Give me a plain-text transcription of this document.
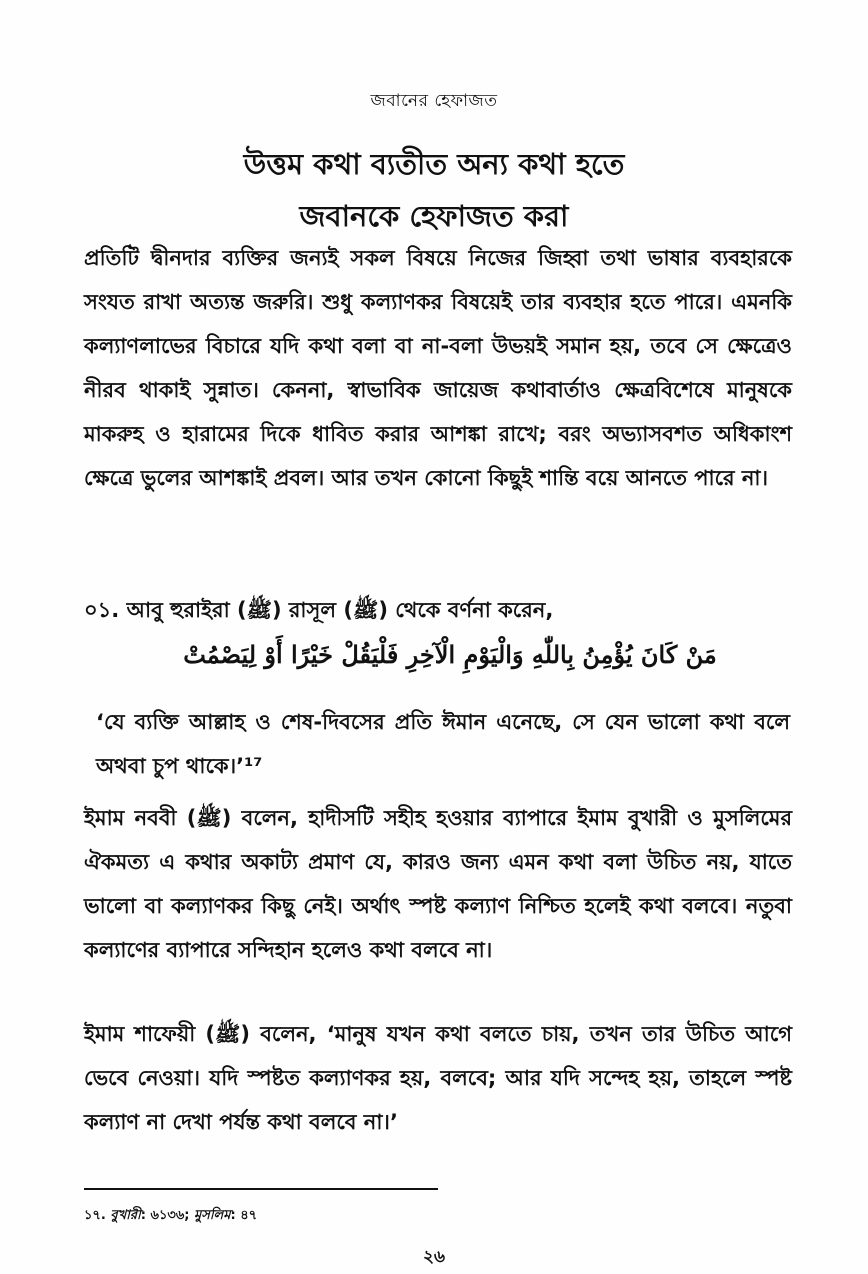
জবানের হেফাজত
উত্তম কথা ব্যতীত অন্য কথা হতে
জবানকে হেফাজত করা
প্রতিটি দ্বীনদার ব্যক্তির জন্যই সকল বিষয়ে নিজের জিহ্বা তথা ভাষার ব্যবহারকে সংযত রাখা অত্যন্ত জরুরি। শুধু কল্যাণকর বিষয়েই তার ব্যবহার হতে পারে। এমনকি কল্যাণলাভের বিচারে যদি কথা বলা বা না-বলা উভয়ই সমান হয়, তবে সে ক্ষেত্রেও নীরব থাকাই সুন্নাত। কেননা, স্বাভাবিক জায়েজ কথাবার্তাও ক্ষেত্রবিশেষে মানুষকে মাকরুহ ও হারামের দিকে ধাবিত করার আশঙ্কা রাখে; বরং অভ্যাসবশত অধিকাংশ ক্ষেত্রে ভুলের আশঙ্কাই প্রবল। আর তখন কোনো কিছুই শান্তি বয়ে আনতে পারে না।
০১. আবু হুরাইরা (ﷺ) রাসূল (ﷺ) থেকে বর্ণনা করেন,
مَنْ كَانَ يُؤْمِنُ بِاللّٰهِ وَالْيَوْمِ الْآخِرِ فَلْيَقُلْ خَيْرًا أَوْ لِيَصْمُتْ
‘যে ব্যক্তি আল্লাহ ও শেষ-দিবসের প্রতি ঈমান এনেছে, সে যেন ভালো কথা বলে অথবা চুপ থাকে।’¹⁷
ইমাম নববী (ﷺ) বলেন, হাদীসটি সহীহ হওয়ার ব্যাপারে ইমাম বুখারী ও মুসলিমের ঐকমত্য এ কথার অকাট্য প্রমাণ যে, কারও জন্য এমন কথা বলা উচিত নয়, যাতে ভালো বা কল্যাণকর কিছু নেই। অর্থাৎ স্পষ্ট কল্যাণ নিশ্চিত হলেই কথা বলবে। নতুবা কল্যাণের ব্যাপারে সন্দিহান হলেও কথা বলবে না।
ইমাম শাফেয়ী (ﷺ) বলেন, ‘মানুষ যখন কথা বলতে চায়, তখন তার উচিত আগে ভেবে নেওয়া। যদি স্পষ্টত কল্যাণকর হয়, বলবে; আর যদি সন্দেহ হয়, তাহলে স্পষ্ট কল্যাণ না দেখা পর্যন্ত কথা বলবে না।’
১৭. বুখারী: ৬১৩৬; মুসলিম: ৪৭
২৬
